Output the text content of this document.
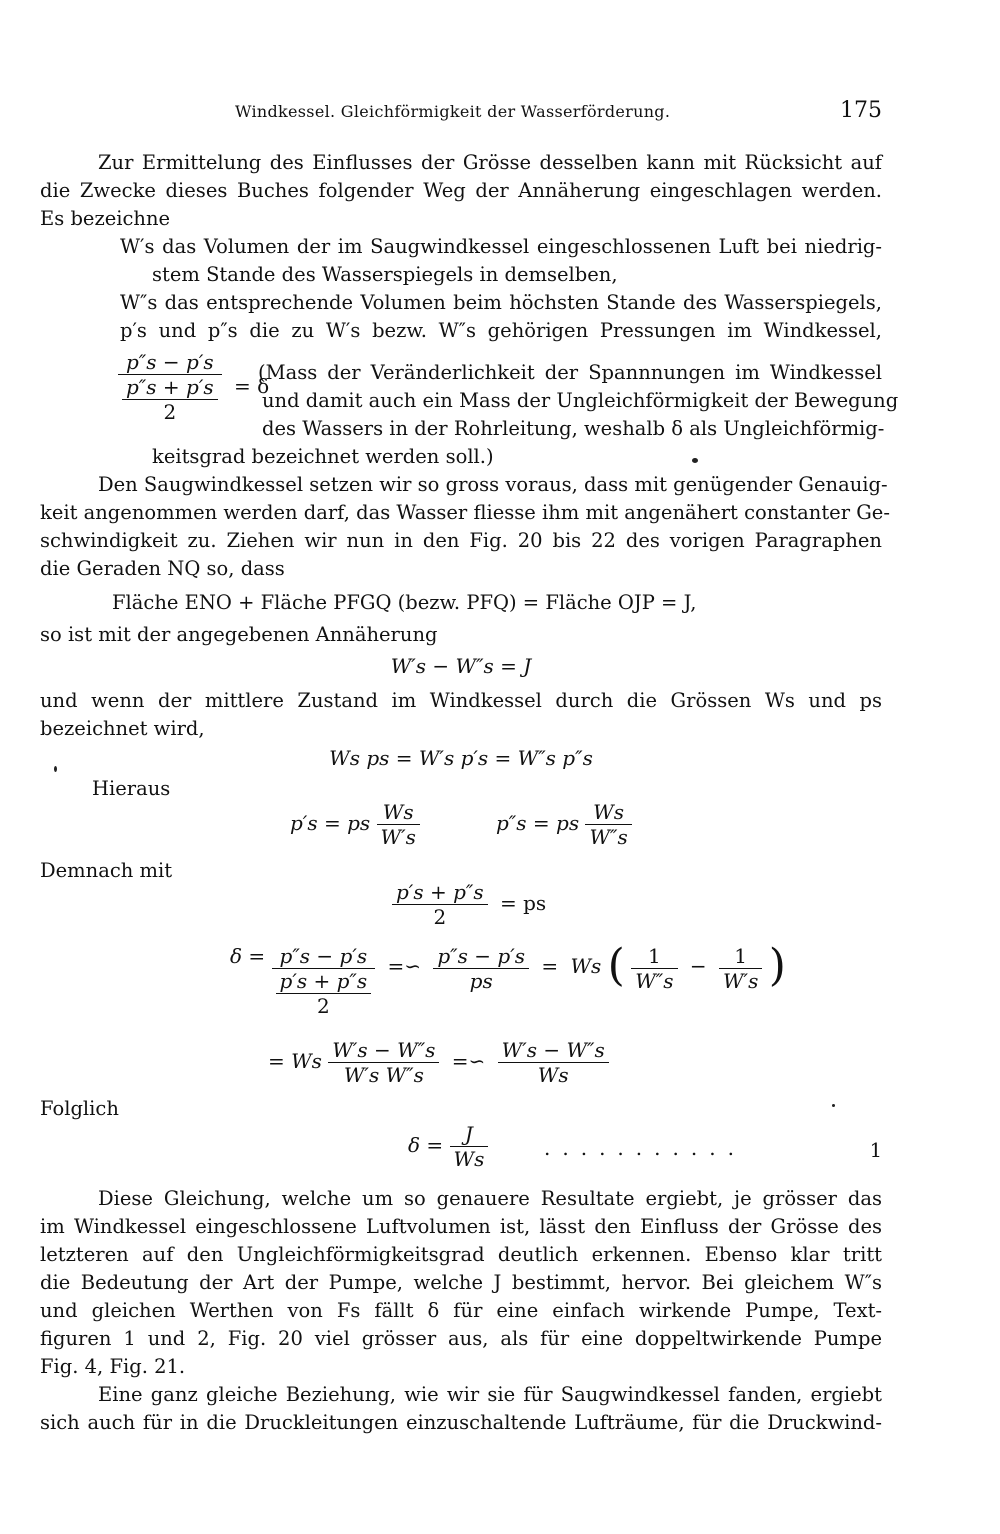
Windkessel. Gleichförmigkeit der Wasserförderung.	175
Zur Ermittelung des Einflusses der Grösse desselben kann mit Rücksicht auf
die Zwecke dieses Buches folgender Weg der Annäherung eingeschlagen werden.
Es bezeichne
W′s das Volumen der im Saugwindkessel eingeschlossenen Luft bei niedrig-
stem Stande des Wasserspiegels in demselben,
W″s das entsprechende Volumen beim höchsten Stande des Wasserspiegels,
p′s und p″s die zu W′s bezw. W″s gehörigen Pressungen im Windkessel,
p″s − p′s
p″s + p′s
2 = δ
(Mass der Veränderlichkeit der Spannnungen im Windkessel
und damit auch ein Mass der Ungleichförmigkeit der Bewegung
des Wassers in der Rohrleitung, weshalb δ als Ungleichförmig-
keitsgrad bezeichnet werden soll.)
Den Saugwindkessel setzen wir so gross voraus, dass mit genügender Genauig-
keit angenommen werden darf, das Wasser fliesse ihm mit angenähert constanter Ge-
schwindigkeit zu. Ziehen wir nun in den Fig. 20 bis 22 des vorigen Paragraphen
die Geraden NQ so, dass
Fläche ENO + Fläche PFGQ (bezw. PFQ) = Fläche OJP = J,
so ist mit der angegebenen Annäherung
W′s − W″s = J
und wenn der mittlere Zustand im Windkessel durch die Grössen Ws und ps
bezeichnet wird,
Ws ps = W′s p′s = W″s p″s
Hieraus
p′s = ps $\frac{Ws}{W's}$	p″s = ps $\frac{Ws}{W''s}$
Demnach mit
$\frac{p's + p''s}{2}$ = ps
δ = p″s − p′s
p′s + p″s
2 =∽ $\frac{p''s - p's}{ps} = Ws$ ( $\frac{1}{W''s} - \frac{1}{W's}$ )
= Ws $\frac{W's - W''s}{\text{W′s W″s}}$ =∽ $\frac{W's - W''s}{Ws}$
Folglich
$\delta = \frac{J}{Ws}$	...........	1
Diese Gleichung, welche um so genauere Resultate ergiebt, je grösser das
im Windkessel eingeschlossene Luftvolumen ist, lässt den Einfluss der Grösse des
letzteren auf den Ungleichförmigkeitsgrad deutlich erkennen. Ebenso klar tritt
die Bedeutung der Art der Pumpe, welche J bestimmt, hervor. Bei gleichem W″s
und gleichen Werthen von Fs fällt δ für eine einfach wirkende Pumpe, Text-
figuren 1 und 2, Fig. 20 viel grösser aus, als für eine doppeltwirkende Pumpe
Fig. 4, Fig. 21.
Eine ganz gleiche Beziehung, wie wir sie für Saugwindkessel fanden, ergiebt
sich auch für in die Druckleitungen einzuschaltende Lufträume, für die Druckwind-
